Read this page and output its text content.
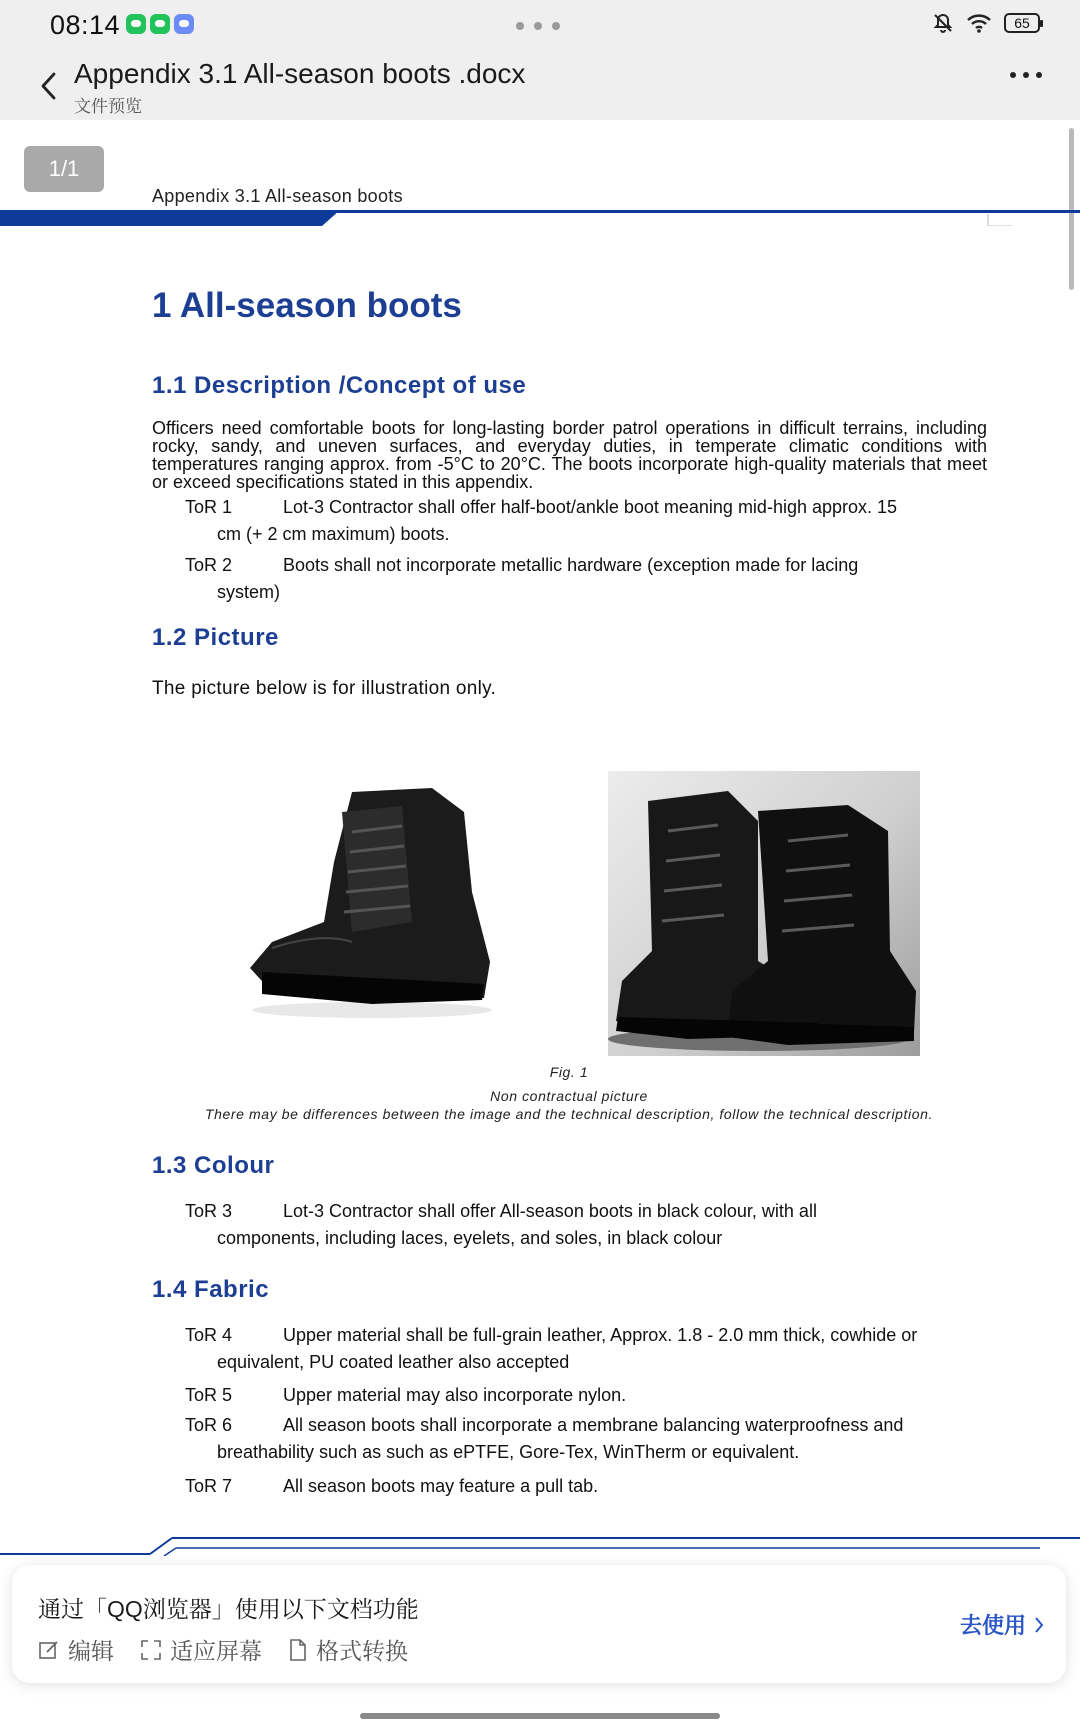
08:14	65
Appendix 3.1 All-season boots .docx
文件预览
1/1
Appendix 3.1 All-season boots
1 All-season boots
1.1 Description /Concept of use
Officers need comfortable boots for long-lasting border patrol operations in difficult terrains, including rocky, sandy, and uneven surfaces, and everyday duties, in temperate climatic conditions with temperatures ranging approx. from -5°C to 20°C. The boots incorporate high-quality materials that meet or exceed specifications stated in this appendix.
ToR 1	Lot-3 Contractor shall offer half-boot/ankle boot meaning mid-high approx. 15
cm (+ 2 cm maximum) boots.
ToR 2	Boots shall not incorporate metallic hardware (exception made for lacing
system)
1.2 Picture
The picture below is for illustration only.
Fig. 1
Non contractual picture
There may be differences between the image and the technical description, follow the technical description.
1.3 Colour
ToR 3	Lot-3 Contractor shall offer All-season boots in black colour, with all
components, including laces, eyelets, and soles, in black colour
1.4 Fabric
ToR 4	Upper material shall be full-grain leather, Approx. 1.8 - 2.0 mm thick, cowhide or
equivalent, PU coated leather also accepted
ToR 5	Upper material may also incorporate nylon.
ToR 6	All season boots shall incorporate a membrane balancing waterproofness and
breathability such as such as ePTFE, Gore-Tex, WinTherm or equivalent.
ToR 7	All season boots may feature a pull tab.
通过「QQ浏览器」使用以下文档功能
编辑 适应屏幕 格式转换
去使用
